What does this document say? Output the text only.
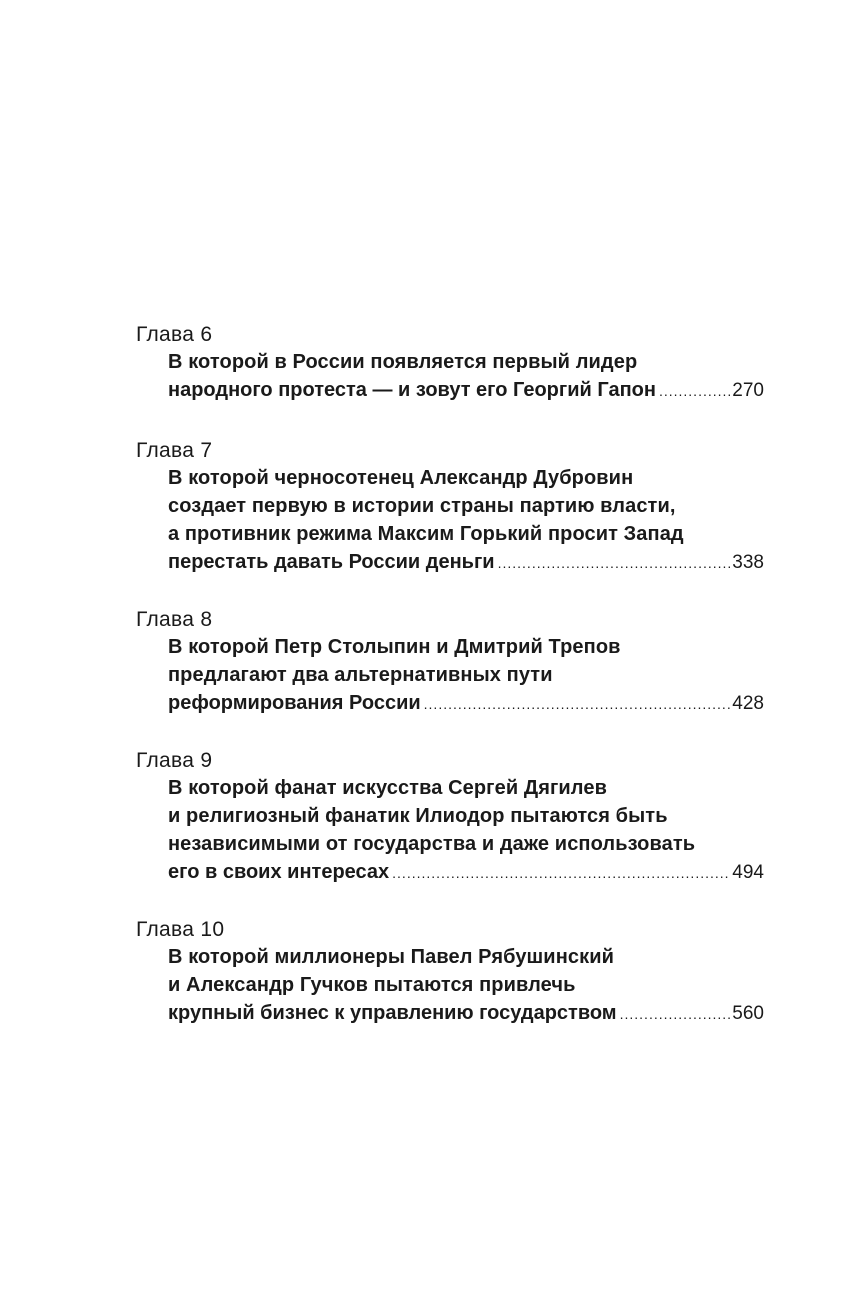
Глава 6
В которой в России появляется первый лидер
народного протеста — и зовут его Георгий Гапон .....	270
Глава 7
В которой черносотенец Александр Дубровин
создает первую в истории страны партию власти,
а противник режима Максим Горький просит Запад
перестать давать России деньги .....	338
Глава 8
В которой Петр Столыпин и Дмитрий Трепов
предлагают два альтернативных пути
реформирования России .....	428
Глава 9
В которой фанат искусства Сергей Дягилев
и религиозный фанатик Илиодор пытаются быть
независимыми от государства и даже использовать
его в своих интересах .....	494
Глава 10
В которой миллионеры Павел Рябушинский
и Александр Гучков пытаются привлечь
крупный бизнес к управлению государством .....	560
